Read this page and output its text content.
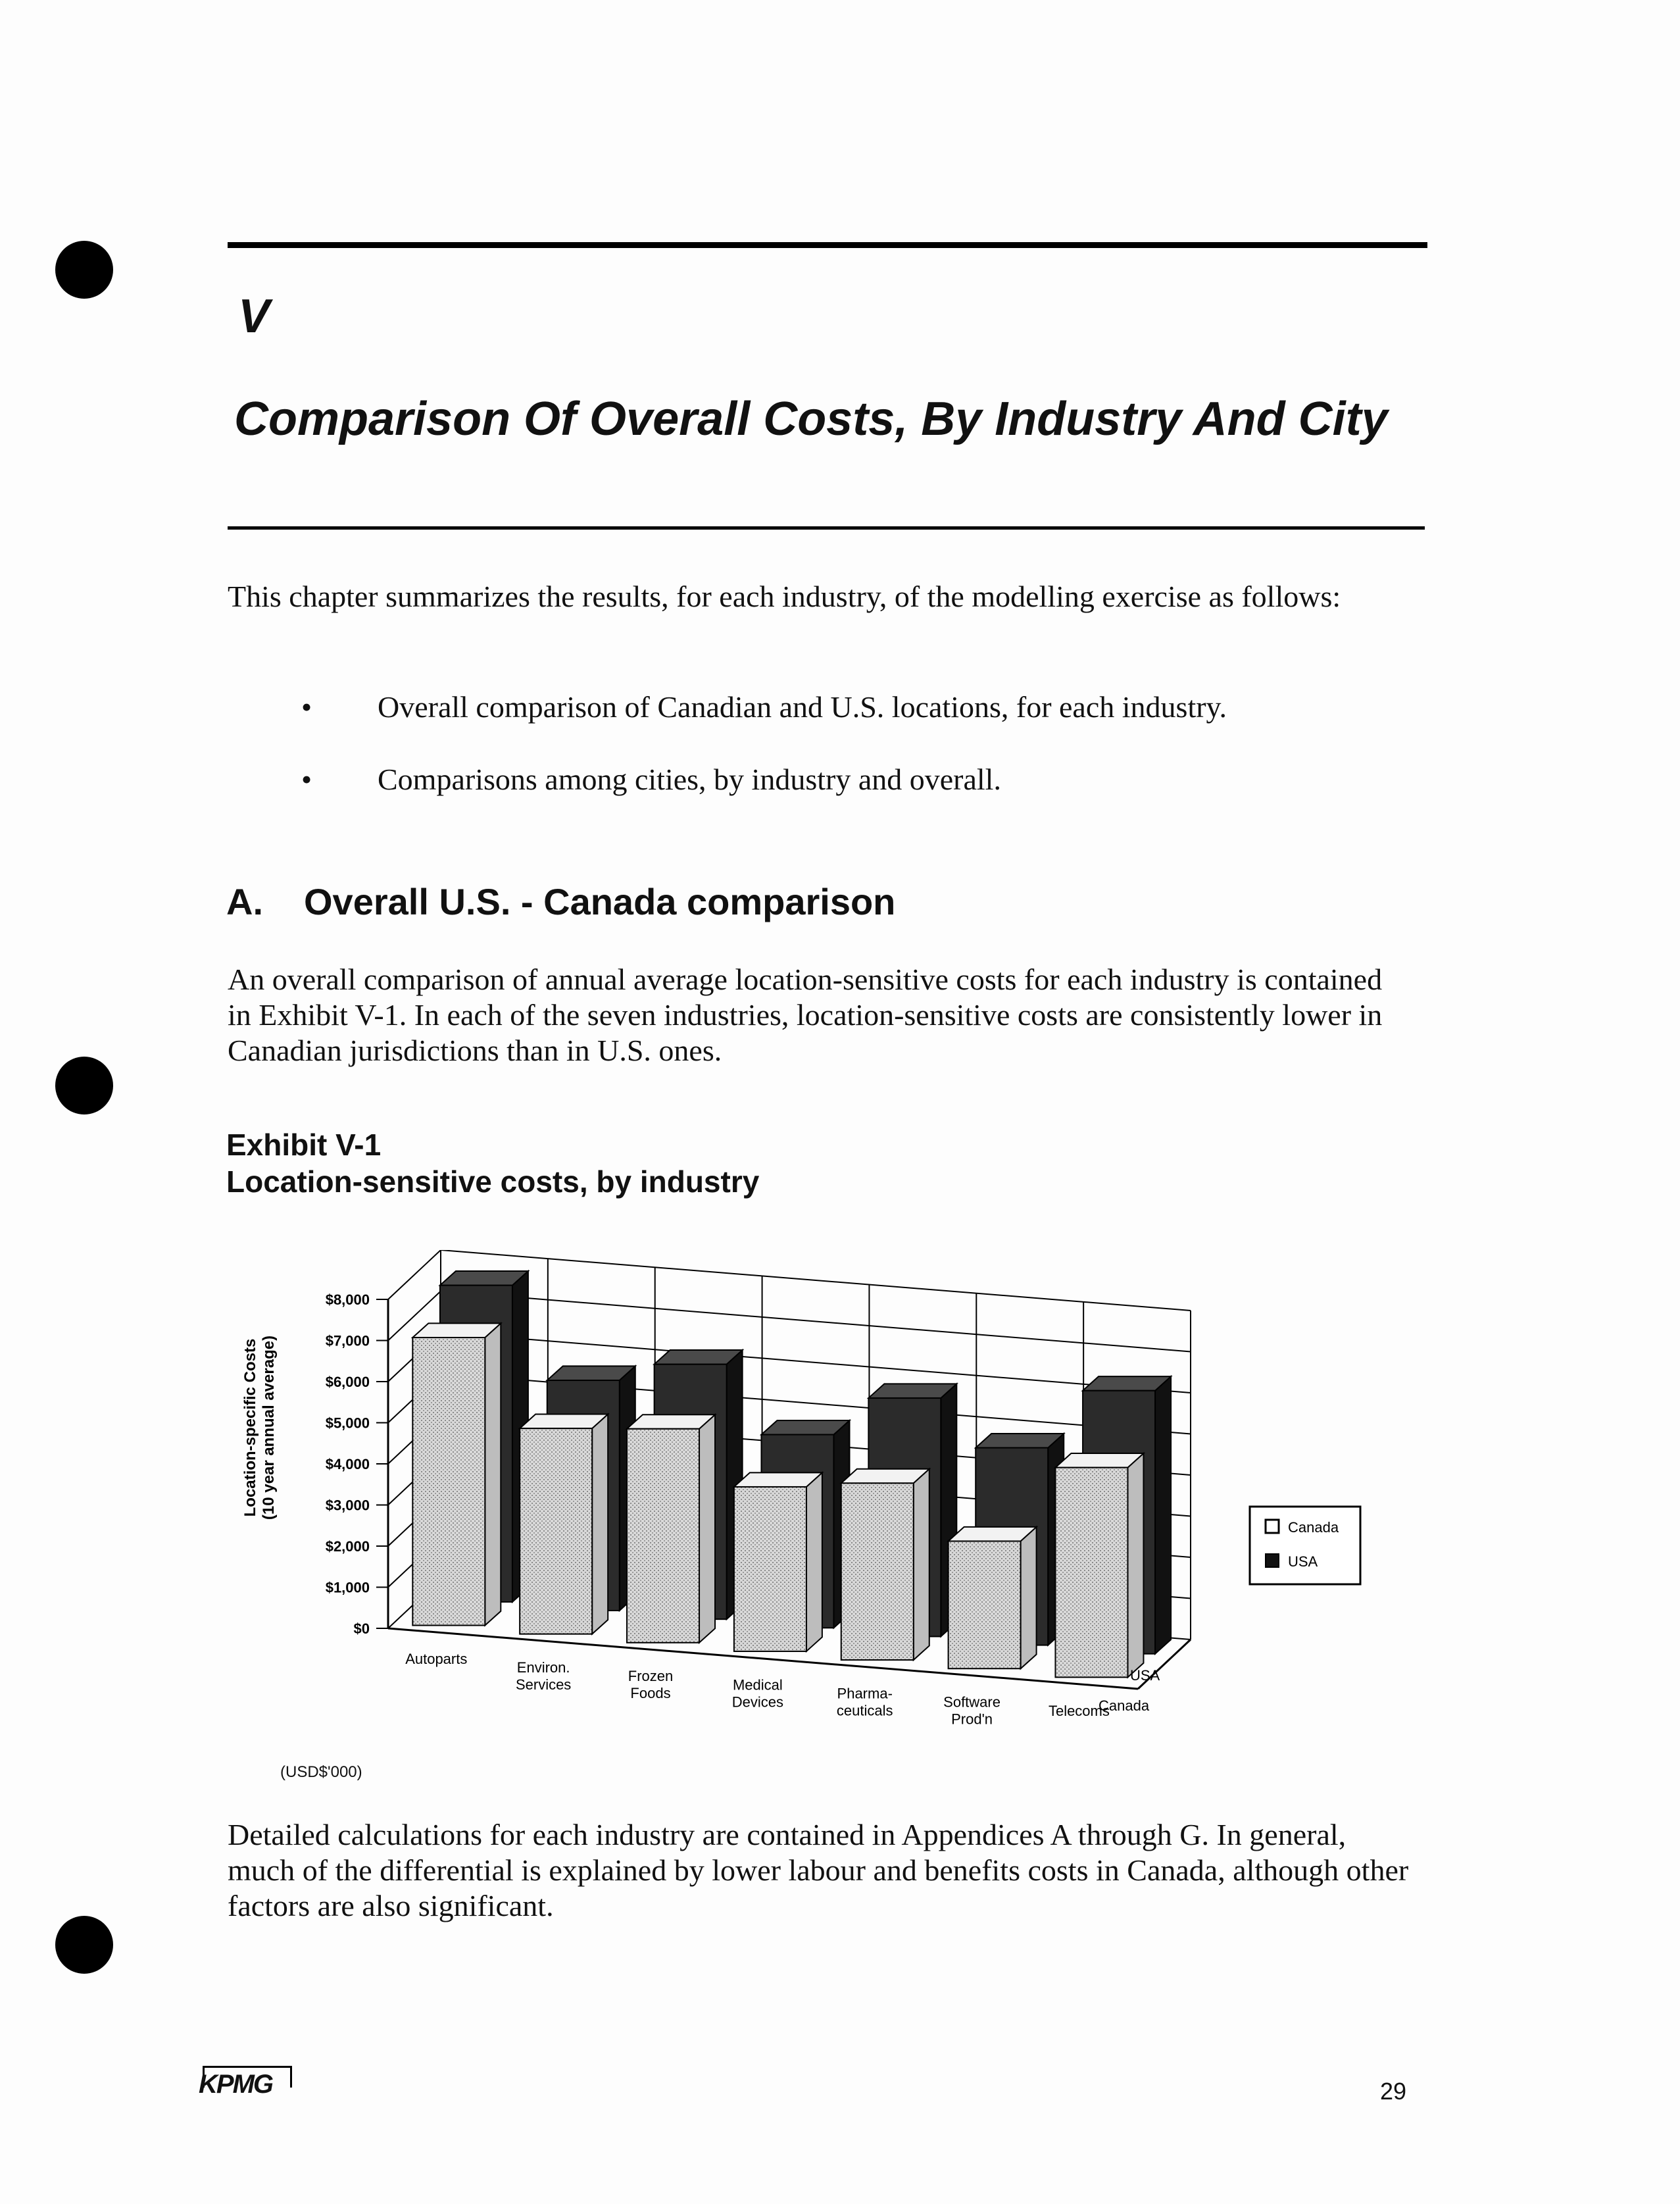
V
Comparison Of Overall Costs, By Industry And City
This chapter summarizes the results, for each industry, of the modelling exercise as follows:
• Overall comparison of Canadian and U.S. locations, for each industry.
• Comparisons among cities, by industry and overall.
A. Overall U.S. - Canada comparison
An overall comparison of annual average location-sensitive costs for each industry is contained in Exhibit V-1. In each of the seven industries, location-sensitive costs are consistently lower in Canadian jurisdictions than in U.S. ones.
Exhibit V-1
Location-sensitive costs, by industry
$0
$1,000
$2,000
$3,000
$4,000
$5,000
$6,000
$7,000
$8,000
Autoparts
Environ. Services
Frozen Foods
Medical Devices
Pharma-ceuticals
Software Prod'n
Telecoms
Canada
USA
Location-specific Costs(10 year annual average)
Canada
USA
(USD$'000)
Detailed calculations for each industry are contained in Appendices A through G. In general, much of the differential is explained by lower labour and benefits costs in Canada, although other factors are also significant.
KPMG	29
